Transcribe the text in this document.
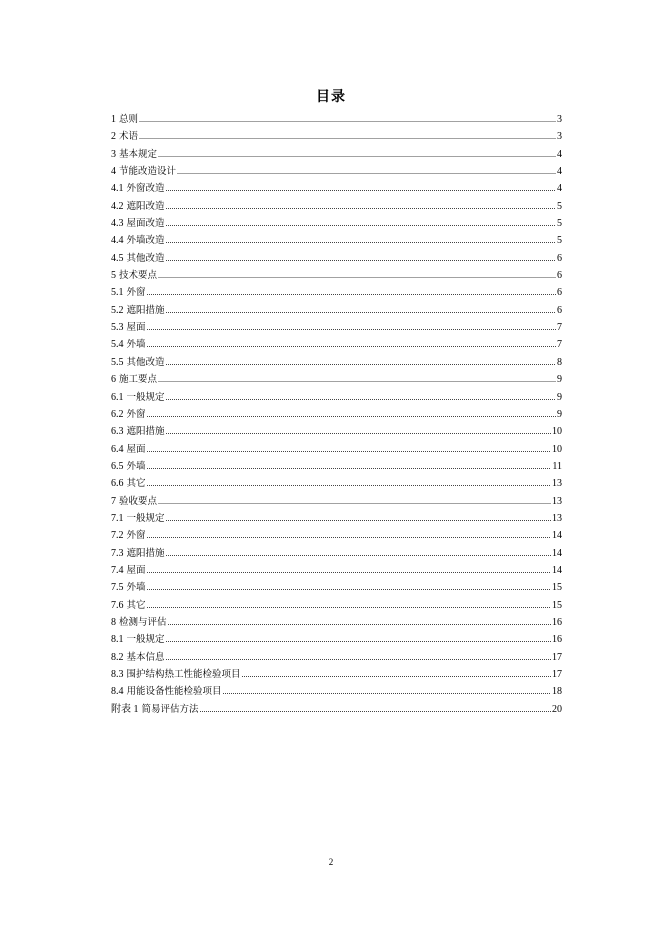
目录
1 总则 .....	3
2 术语 .....	3
3 基本规定 .....	4
4 节能改造设计 .....	4
4.1 外窗改造 .....	4
4.2 遮阳改造 .....	5
4.3 屋面改造 .....	5
4.4 外墙改造 .....	5
4.5 其他改造 .....	6
5 技术要点 .....	6
5.1 外窗 .....	6
5.2 遮阳措施 .....	6
5.3 屋面 .....	7
5.4 外墙 .....	7
5.5 其他改造 .....	8
6 施工要点 .....	9
6.1 一般规定 .....	9
6.2 外窗 .....	9
6.3 遮阳措施 .....	10
6.4 屋面 .....	10
6.5 外墙 .....	11
6.6 其它 .....	13
7 验收要点 .....	13
7.1 一般规定 .....	13
7.2 外窗 .....	14
7.3 遮阳措施 .....	14
7.4 屋面 .....	14
7.5 外墙 .....	15
7.6 其它 .....	15
8 检测与评估 .....	16
8.1 一般规定 .....	16
8.2 基本信息 .....	17
8.3 围护结构热工性能检验项目 .....	17
8.4 用能设备性能检验项目 .....	18
附表 1 简易评估方法 .....	20
2
